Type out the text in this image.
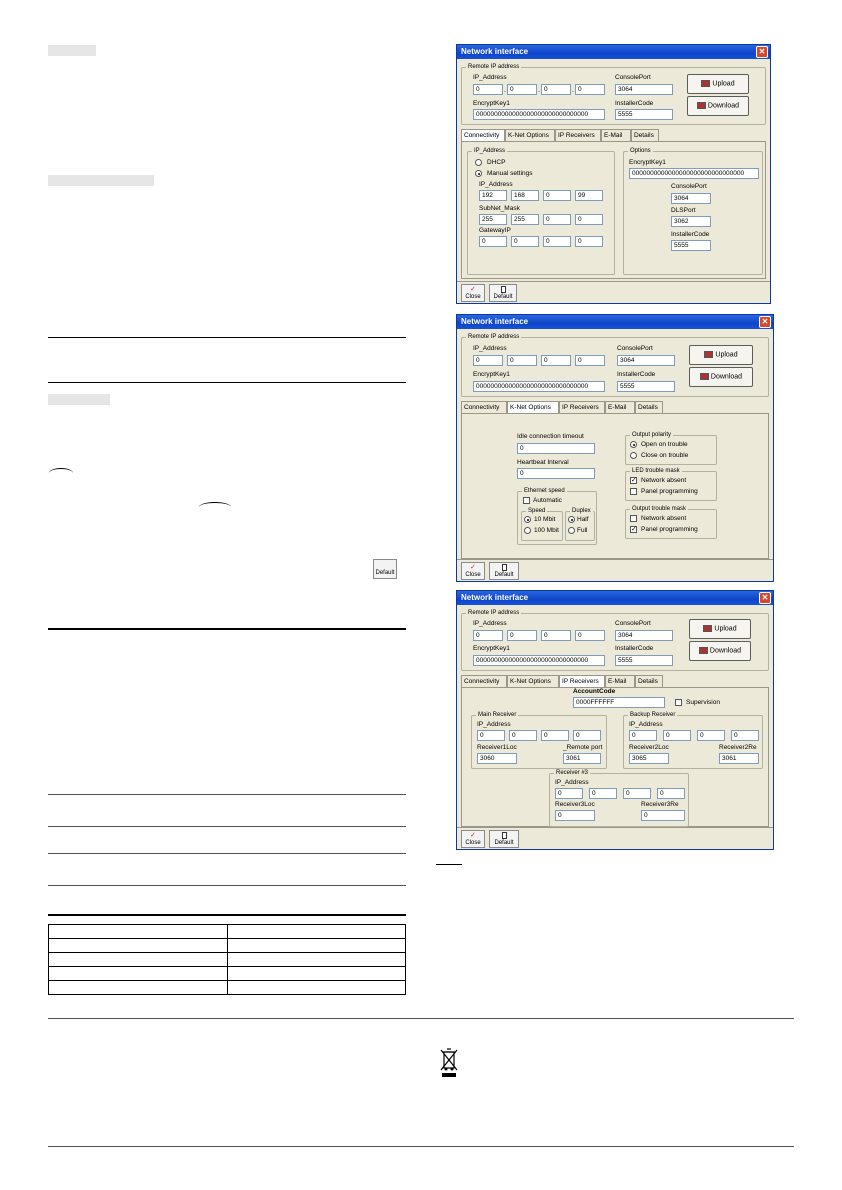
Default

Network interface	✕
Remote IP address
IP_Address
0	. 0	. 0	. 0
ConsolePort
3064
EncryptKey1
0000000000000000000000000000000
InstallerCode
5555
Upload
Download
Connectivity	K-Net Options	IP Receivers	E-Mail	Details
IP_Address
DHCP
Manual settings
IP_Address
192	168	0	99
SubNet_Mask
255	255	0	0
GatewayIP
0	0	0	0
Options
EncryptKey1
0000000000000000000000000000000
ConsolePort
3064
DLSPort
3062
InstallerCode
5555
✓
Close	Default
Network interface	✕
Remote IP address
IP_Address
0	0	0	0
ConsolePort
3064
EncryptKey1
0000000000000000000000000000000
InstallerCode
5555
Upload
Download
Connectivity	K-Net Options	IP Receivers	E-Mail	Details
Idle connection timeout
0
Heartbeat Interval
0
Ethernet speed
Automatic
Speed
10 Mbit
100 Mbit
Duplex
Half
Full
Output polarity
Open on trouble
Close on trouble
LED trouble mask
✓ Network absent
Panel programming
Output trouble mask
Network absent
✓ Panel programming
✓
Close	Default
Network interface	✕
Remote IP address
IP_Address
0	0	0	0
ConsolePort
3064
EncryptKey1
0000000000000000000000000000000
InstallerCode
5555
Upload
Download
Connectivity	K-Net Options	IP Receivers	E-Mail	Details
AccountCode
0000FFFFFF	Supervision
Main Receiver
IP_Address
0	0	0	0
Receiver1Loc
3060
_Remote port
3061
Backup Receiver
IP_Address
0	0	0	0
Receiver2Loc
3065
Receiver2Re
3061
Receiver #3
IP_Address
0	0	0	0
Receiver3Loc
0
Receiver3Re
0
✓
Close	Default
